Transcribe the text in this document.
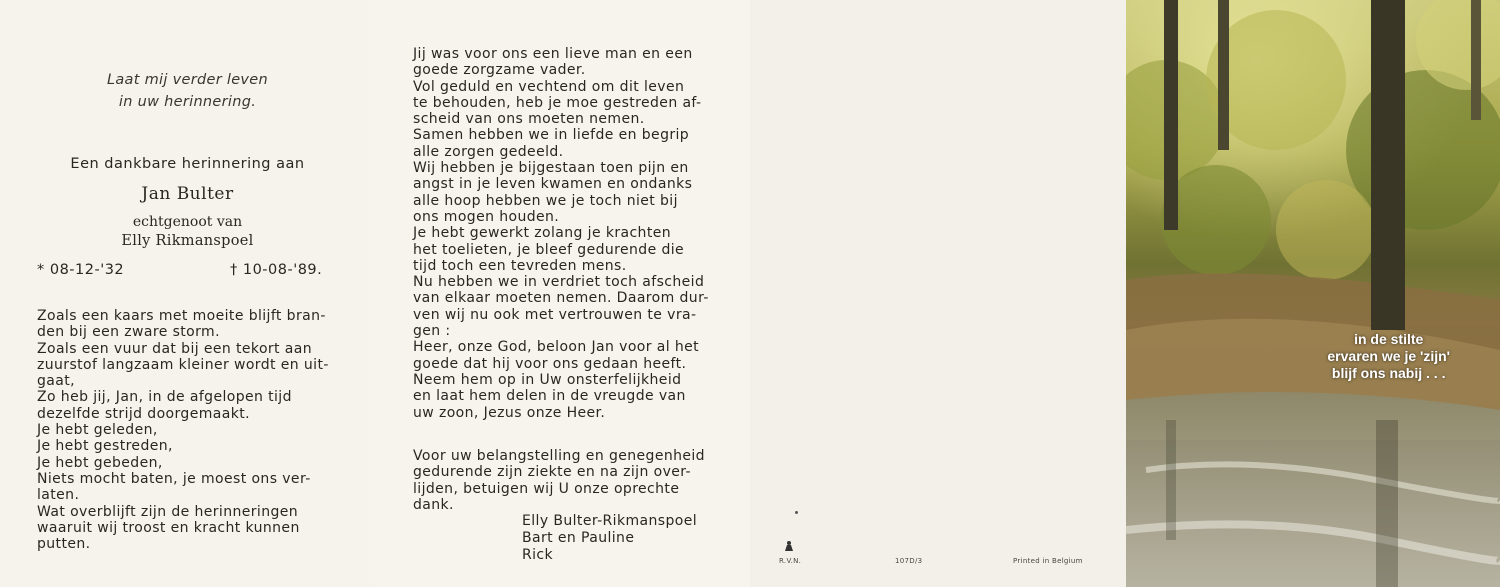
Laat mij verder leven
in uw herinnering.
Een dankbare herinnering aan
Jan Bulter
echtgenoot van
Elly Rikmanspoel
* 08-12-'32	† 10-08-'89.
Zoals een kaars met moeite blijft bran-
den bij een zware storm.
Zoals een vuur dat bij een tekort aan
zuurstof langzaam kleiner wordt en uit-
gaat,
Zo heb jij, Jan, in de afgelopen tijd
dezelfde strijd doorgemaakt.
Je hebt geleden,
Je hebt gestreden,
Je hebt gebeden,
Niets mocht baten, je moest ons ver-
laten.
Wat overblijft zijn de herinneringen
waaruit wij troost en kracht kunnen
putten.
Jij was voor ons een lieve man en een
goede zorgzame vader.
Vol geduld en vechtend om dit leven
te behouden, heb je moe gestreden af-
scheid van ons moeten nemen.
Samen hebben we in liefde en begrip
alle zorgen gedeeld.
Wij hebben je bijgestaan toen pijn en
angst in je leven kwamen en ondanks
alle hoop hebben we je toch niet bij
ons mogen houden.
Je hebt gewerkt zolang je krachten
het toelieten, je bleef gedurende die
tijd toch een tevreden mens.
Nu hebben we in verdriet toch afscheid
van elkaar moeten nemen. Daarom dur-
ven wij nu ook met vertrouwen te vra-
gen :
Heer, onze God, beloon Jan voor al het
goede dat hij voor ons gedaan heeft.
Neem hem op in Uw onsterfelijkheid
en laat hem delen in de vreugde van
uw zoon, Jezus onze Heer.
Voor uw belangstelling en genegenheid
gedurende zijn ziekte en na zijn over-
lijden, betuigen wij U onze oprechte
dank.
Elly Bulter-Rikmanspoel
Bart en Pauline
Rick	R.V.N.	107D/3	Printed in Belgium
in de stilte
ervaren we je 'zijn'
blijf ons nabij . . .
